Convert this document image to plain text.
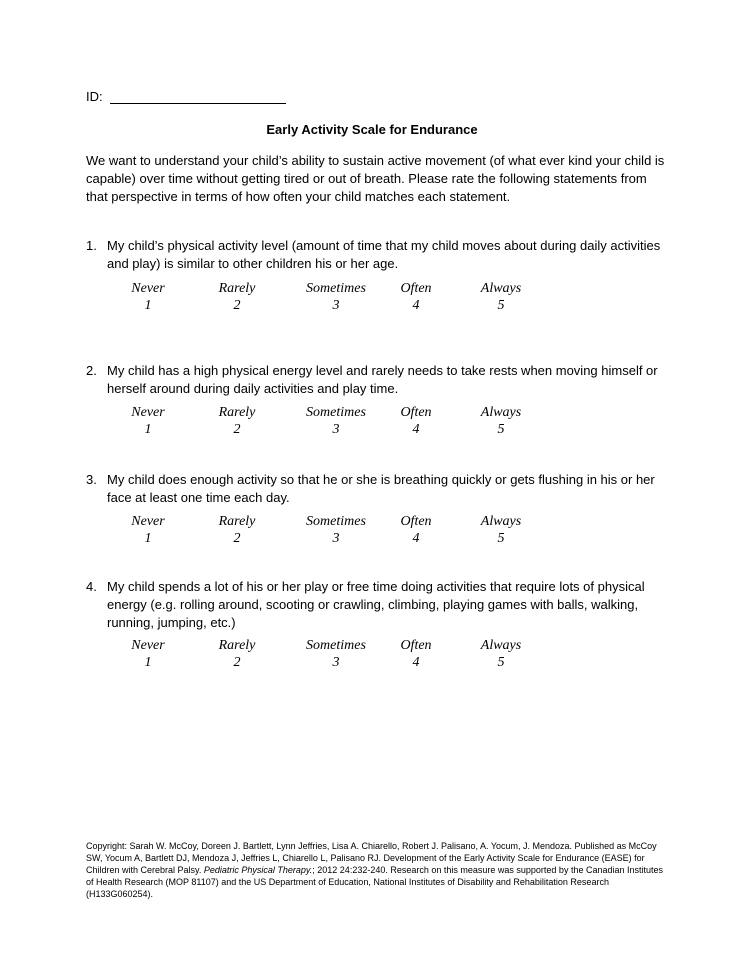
ID:
Early Activity Scale for Endurance
We want to understand your child’s ability to sustain active movement (of what ever kind your child is capable) over time without getting tired or out of breath. Please rate the following statements from that perspective in terms of how often your child matches each statement.
1. My child’s physical activity level (amount of time that my child moves about during daily activities and play) is similar to other children his or her age.
Never
1
Rarely
2
Sometimes
3
Often
4
Always
5
2. My child has a high physical energy level and rarely needs to take rests when moving himself or herself around during daily activities and play time.
Never
1
Rarely
2
Sometimes
3
Often
4
Always
5
3. My child does enough activity so that he or she is breathing quickly or gets flushing in his or her face at least one time each day.
Never
1
Rarely
2
Sometimes
3
Often
4
Always
5
4. My child spends a lot of his or her play or free time doing activities that require lots of physical energy (e.g. rolling around, scooting or crawling, climbing, playing games with balls, walking, running, jumping, etc.)
Never
1
Rarely
2
Sometimes
3
Often
4
Always
5
Copyright: Sarah W. McCoy, Doreen J. Bartlett, Lynn Jeffries, Lisa A. Chiarello, Robert J. Palisano, A. Yocum, J. Mendoza. Published as McCoy SW, Yocum A, Bartlett DJ, Mendoza J, Jeffries L, Chiarello L, Palisano RJ. Development of the Early Activity Scale for Endurance (EASE) for Children with Cerebral Palsy. Pediatric Physical Therapy.; 2012 24:232-240. Research on this measure was supported by the Canadian Institutes of Health Research (MOP 81107) and the US Department of Education, National Institutes of Disability and Rehabilitation Research (H133G060254).
